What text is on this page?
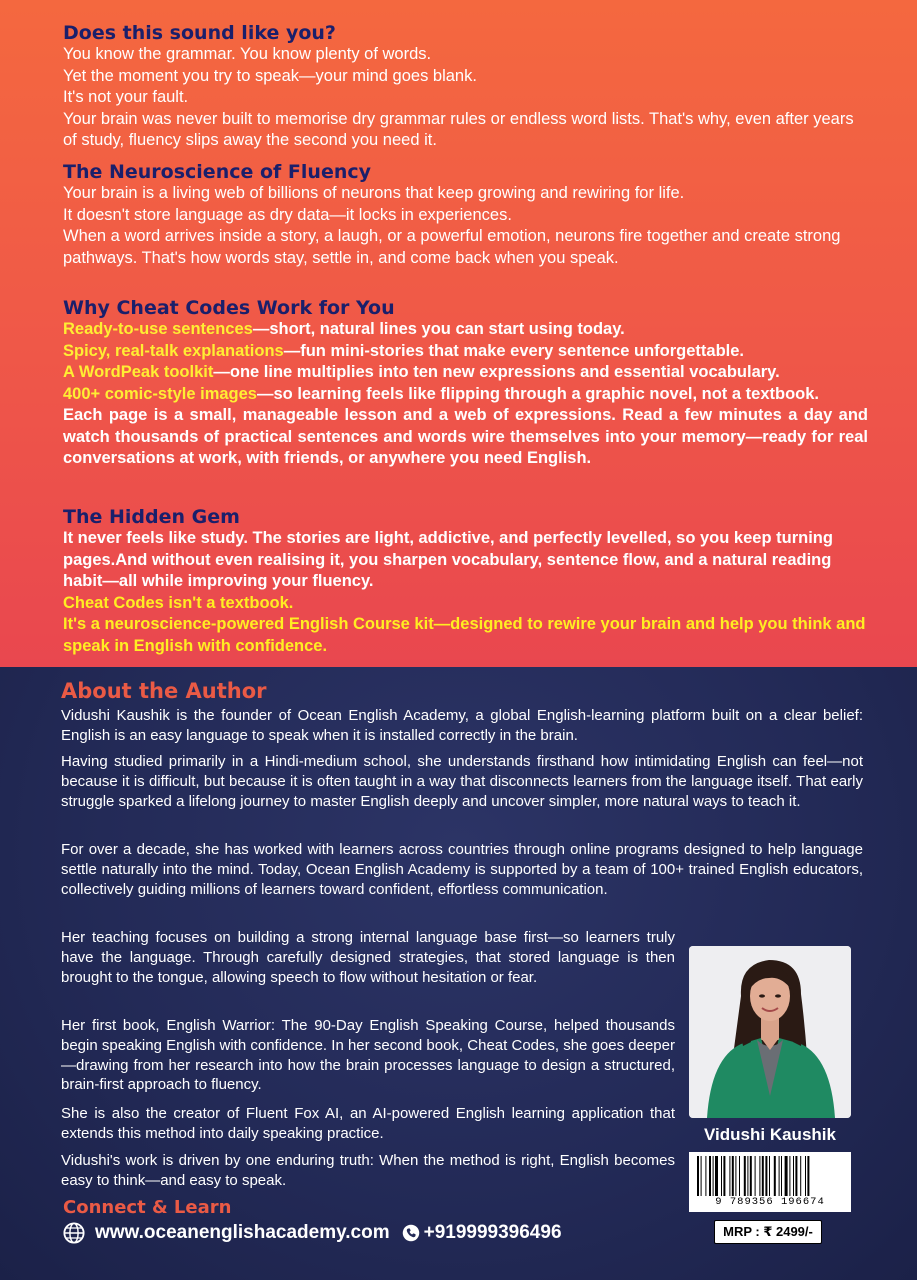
Does this sound like you?

You know the grammar. You know plenty of words.

Yet the moment you try to speak—your mind goes blank.

It's not your fault.

Your brain was never built to memorise dry grammar rules or endless word lists. That's why, even after years of study, fluency slips away the second you need it.

The Neuroscience of Fluency

Your brain is a living web of billions of neurons that keep growing and rewiring for life.

It doesn't store language as dry data—it locks in experiences.

When a word arrives inside a story, a laugh, or a powerful emotion, neurons fire together and create strong pathways. That's how words stay, settle in, and come back when you speak.

Why Cheat Codes Work for You

Ready-to-use sentences—short, natural lines you can start using today.

Spicy, real-talk explanations—fun mini-stories that make every sentence unforgettable.

A WordPeak toolkit—one line multiplies into ten new expressions and essential vocabulary.

400+ comic-style images—so learning feels like flipping through a graphic novel, not a textbook.

Each page is a small, manageable lesson and a web of expressions. Read a few minutes a day and watch thousands of practical sentences and words wire themselves into your memory—ready for real conversations at work, with friends, or anywhere you need English.

The Hidden Gem

It never feels like study. The stories are light, addictive, and perfectly levelled, so you keep turning pages.And without even realising it, you sharpen vocabulary, sentence flow, and a natural reading habit—all while improving your fluency.

Cheat Codes isn't a textbook.

It's a neuroscience-powered English Course kit—designed to rewire your brain and help you think and speak in English with confidence.

About the Author

Vidushi Kaushik is the founder of Ocean English Academy, a global English-learning platform built on a clear belief: English is an easy language to speak when it is installed correctly in the brain.

Having studied primarily in a Hindi-medium school, she understands firsthand how intimidating English can feel—not because it is difficult, but because it is often taught in a way that disconnects learners from the language itself. That early struggle sparked a lifelong journey to master English deeply and uncover simpler, more natural ways to teach it.

For over a decade, she has worked with learners across countries through online programs designed to help language settle naturally into the mind. Today, Ocean English Academy is supported by a team of 100+ trained English educators, collectively guiding millions of learners toward confident, effortless communication.

Her teaching focuses on building a strong internal language base first—so learners truly have the language. Through carefully designed strategies, that stored language is then brought to the tongue, allowing speech to flow without hesitation or fear.

Her first book, English Warrior: The 90-Day English Speaking Course, helped thousands begin speaking English with confidence. In her second book, Cheat Codes, she goes deeper—drawing from her research into how the brain processes language to design a structured, brain-first approach to fluency.

She is also the creator of Fluent Fox AI, an AI-powered English learning application that extends this method into daily speaking practice.

Vidushi's work is driven by one enduring truth: When the method is right, English becomes easy to think—and easy to speak.

Vidushi Kaushik
9 789356 196674
MRP : ₹ 2499/-
Connect & Learn
www.oceanenglishacademy.com +919999396496
